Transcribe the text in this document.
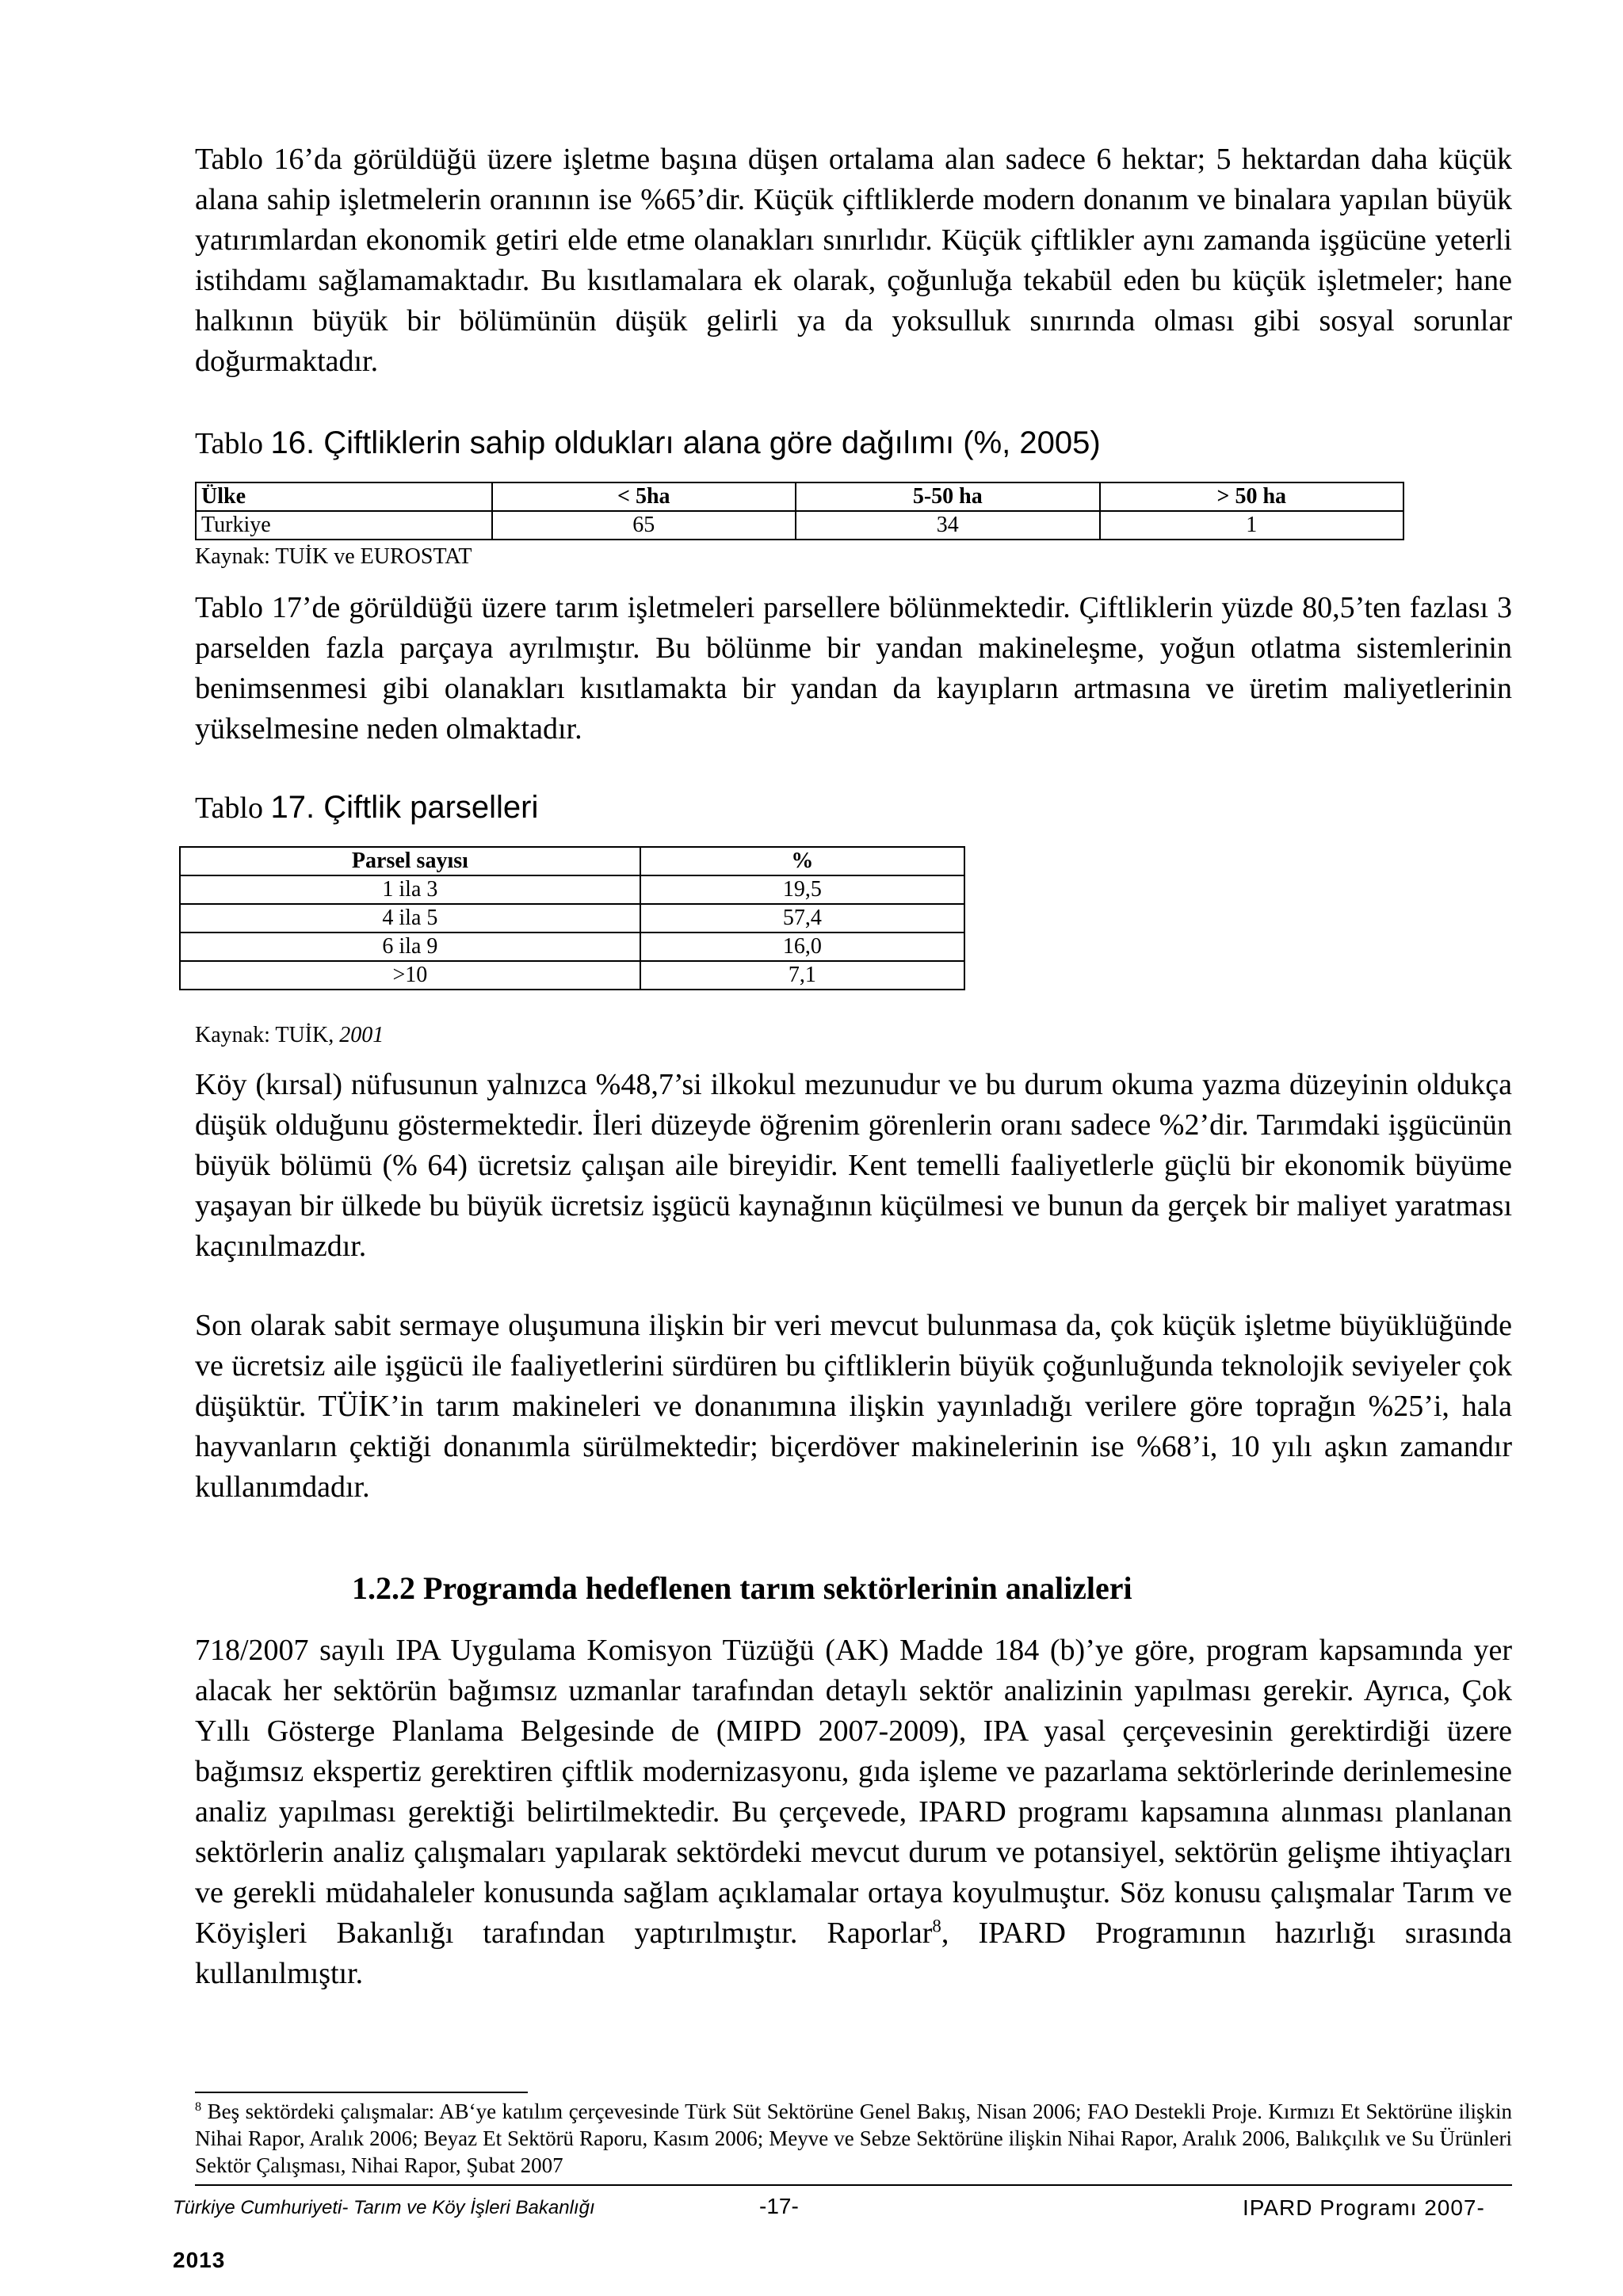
Tablo 16’da görüldüğü üzere işletme başına düşen ortalama alan sadece 6 hektar; 5 hektardan daha küçük alana sahip işletmelerin oranının ise %65’dir. Küçük çiftliklerde modern donanım ve binalara yapılan büyük yatırımlardan ekonomik getiri elde etme olanakları sınırlıdır. Küçük çiftlikler aynı zamanda işgücüne yeterli istihdamı sağlamamaktadır. Bu kısıtlamalara ek olarak, çoğunluğa tekabül eden bu küçük işletmeler; hane halkının büyük bir bölümünün düşük gelirli ya da yoksulluk sınırında olması gibi sosyal sorunlar doğurmaktadır.

Tablo 16. Çiftliklerin sahip oldukları alana göre dağılımı (%, 2005)

Ülke	< 5ha	5-50 ha	> 50 ha
Turkiye	65	34	1

Kaynak: TUİK ve EUROSTAT

Tablo 17’de görüldüğü üzere tarım işletmeleri parsellere bölünmektedir. Çiftliklerin yüzde 80,5’ten fazlası 3 parselden fazla parçaya ayrılmıştır. Bu bölünme bir yandan makineleşme, yoğun otlatma sistemlerinin benimsenmesi gibi olanakları kısıtlamakta bir yandan da kayıpların artmasına ve üretim maliyetlerinin yükselmesine neden olmaktadır.

Tablo 17. Çiftlik parselleri

Parsel sayısı	%
1 ila 3	19,5
4 ila 5	57,4
6 ila 9	16,0
>10	7,1

Kaynak: TUİK, 2001

Köy (kırsal) nüfusunun yalnızca %48,7’si ilkokul mezunudur ve bu durum okuma yazma düzeyinin oldukça düşük olduğunu göstermektedir. İleri düzeyde öğrenim görenlerin oranı sadece %2’dir. Tarımdaki işgücünün büyük bölümü (% 64) ücretsiz çalışan aile bireyidir. Kent temelli faaliyetlerle güçlü bir ekonomik büyüme yaşayan bir ülkede bu büyük ücretsiz işgücü kaynağının küçülmesi ve bunun da gerçek bir maliyet yaratması kaçınılmazdır.

Son olarak sabit sermaye oluşumuna ilişkin bir veri mevcut bulunmasa da, çok küçük işletme büyüklüğünde ve ücretsiz aile işgücü ile faaliyetlerini sürdüren bu çiftliklerin büyük çoğunluğunda teknolojik seviyeler çok düşüktür. TÜİK’in tarım makineleri ve donanımına ilişkin yayınladığı verilere göre toprağın %25’i, hala hayvanların çektiği donanımla sürülmektedir; biçerdöver makinelerinin ise %68’i, 10 yılı aşkın zamandır kullanımdadır.

1.2.2 Programda hedeflenen tarım sektörlerinin analizleri

718/2007 sayılı IPA Uygulama Komisyon Tüzüğü (AK) Madde 184 (b)’ye göre, program kapsamında yer alacak her sektörün bağımsız uzmanlar tarafından detaylı sektör analizinin yapılması gerekir. Ayrıca, Çok Yıllı Gösterge Planlama Belgesinde de (MIPD 2007-2009), IPA yasal çerçevesinin gerektirdiği üzere bağımsız ekspertiz gerektiren çiftlik modernizasyonu, gıda işleme ve pazarlama sektörlerinde derinlemesine analiz yapılması gerektiği belirtilmektedir. Bu çerçevede, IPARD programı kapsamına alınması planlanan sektörlerin analiz çalışmaları yapılarak sektördeki mevcut durum ve potansiyel, sektörün gelişme ihtiyaçları ve gerekli müdahaleler konusunda sağlam açıklamalar ortaya koyulmuştur. Söz konusu çalışmalar Tarım ve Köyişleri Bakanlığı tarafından yaptırılmıştır. Raporlar$^8$, IPARD Programının hazırlığı sırasında kullanılmıştır.

$^8$ Beş sektördeki çalışmalar: AB‘ye katılım çerçevesinde Türk Süt Sektörüne Genel Bakış, Nisan 2006; FAO Destekli Proje. Kırmızı Et Sektörüne ilişkin Nihai Rapor, Aralık 2006; Beyaz Et Sektörü Raporu, Kasım 2006; Meyve ve Sebze Sektörüne ilişkin Nihai Rapor, Aralık 2006, Balıkçılık ve Su Ürünleri Sektör Çalışması, Nihai Rapor, Şubat 2007

Türkiye Cumhuriyeti- Tarım ve Köy İşleri Bakanlığı	-17-	IPARD Programı 2007-
2013
